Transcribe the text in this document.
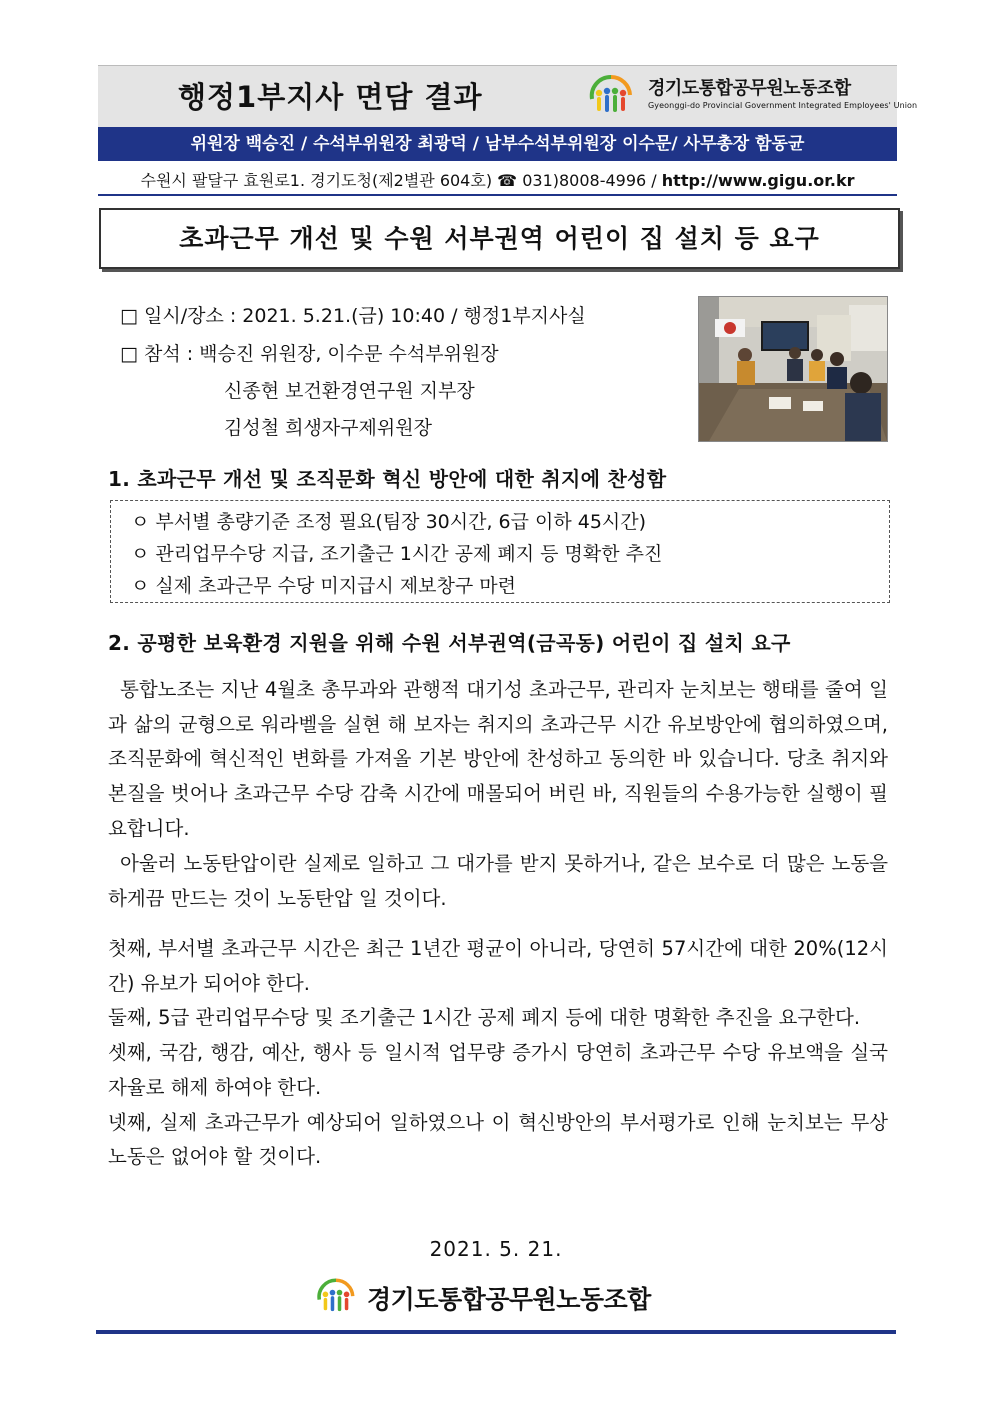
행정1부지사 면담 결과	경기도통합공무원노동조합
Gyeonggi-do Provincial Government Integrated Employees' Union
위원장 백승진 / 수석부위원장 최광덕 / 남부수석부위원장 이수문/ 사무총장 함동균
수원시 팔달구 효원로1. 경기도청(제2별관 604호) ☎ 031)8008-4996 / http://www.gigu.or.kr
초과근무 개선 및 수원 서부권역 어린이 집 설치 등 요구
□ 일시/장소 : 2021. 5.21.(금) 10:40 / 행정1부지사실
□ 참석 : 백승진 위원장, 이수문 수석부위원장
신종현 보건환경연구원 지부장
김성철 희생자구제위원장
1. 초과근무 개선 및 조직문화 혁신 방안에 대한 취지에 찬성함
ㅇ 부서별 총량기준 조정 필요(팀장 30시간, 6급 이하 45시간)
ㅇ 관리업무수당 지급, 조기출근 1시간 공제 폐지 등 명확한 추진
ㅇ 실제 초과근무 수당 미지급시 제보창구 마련
2. 공평한 보육환경 지원을 위해 수원 서부권역(금곡동) 어린이 집 설치 요구
통합노조는 지난 4월초 총무과와 관행적 대기성 초과근무, 관리자 눈치보는 행태를 줄여 일과 삶의 균형으로 워라벨을 실현 해 보자는 취지의 초과근무 시간 유보방안에 협의하였으며, 조직문화에 혁신적인 변화를 가져올 기본 방안에 찬성하고 동의한 바 있습니다. 당초 취지와 본질을 벗어나 초과근무 수당 감축 시간에 매몰되어 버린 바, 직원들의 수용가능한 실행이 필요합니다.
아울러 노동탄압이란 실제로 일하고 그 대가를 받지 못하거나, 같은 보수로 더 많은 노동을 하게끔 만드는 것이 노동탄압 일 것이다.
첫째, 부서별 초과근무 시간은 최근 1년간 평균이 아니라, 당연히 57시간에 대한 20%(12시간) 유보가 되어야 한다.
둘째, 5급 관리업무수당 및 조기출근 1시간 공제 폐지 등에 대한 명확한 추진을 요구한다.
셋째, 국감, 행감, 예산, 행사 등 일시적 업무량 증가시 당연히 초과근무 수당 유보액을 실국 자율로 해제 하여야 한다.
넷째, 실제 초과근무가 예상되어 일하였으나 이 혁신방안의 부서평가로 인해 눈치보는 무상노동은 없어야 할 것이다.
2021. 5. 21.
경기도통합공무원노동조합
